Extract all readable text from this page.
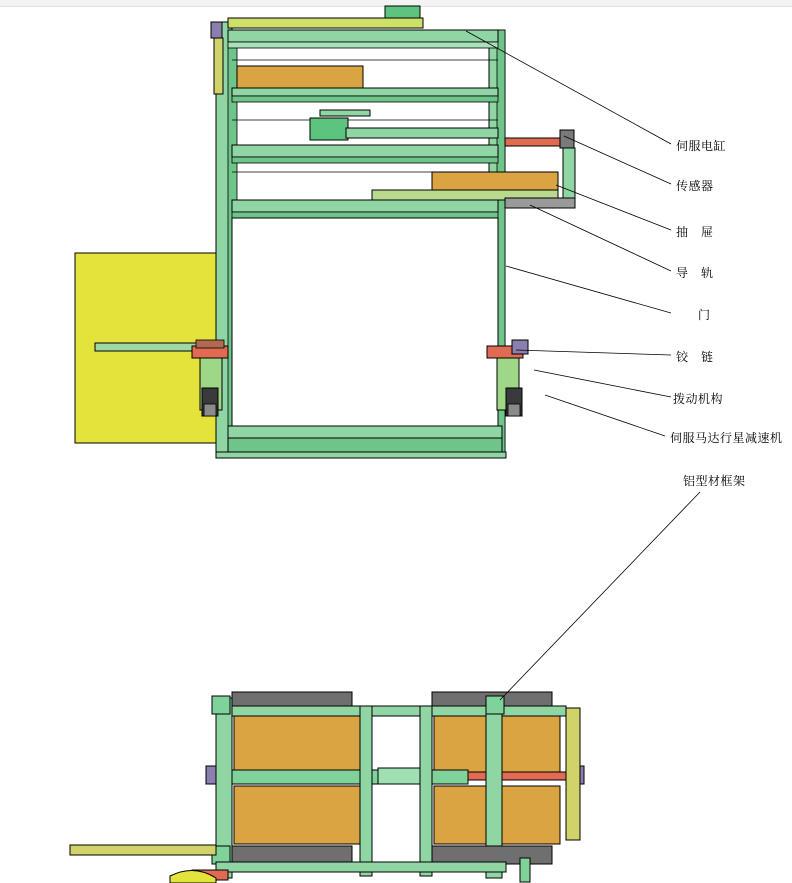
伺服电缸
传感器
抽　屉
导　轨
门
铰　链
拨动机构
伺服马达行星减速机
铝型材框架
